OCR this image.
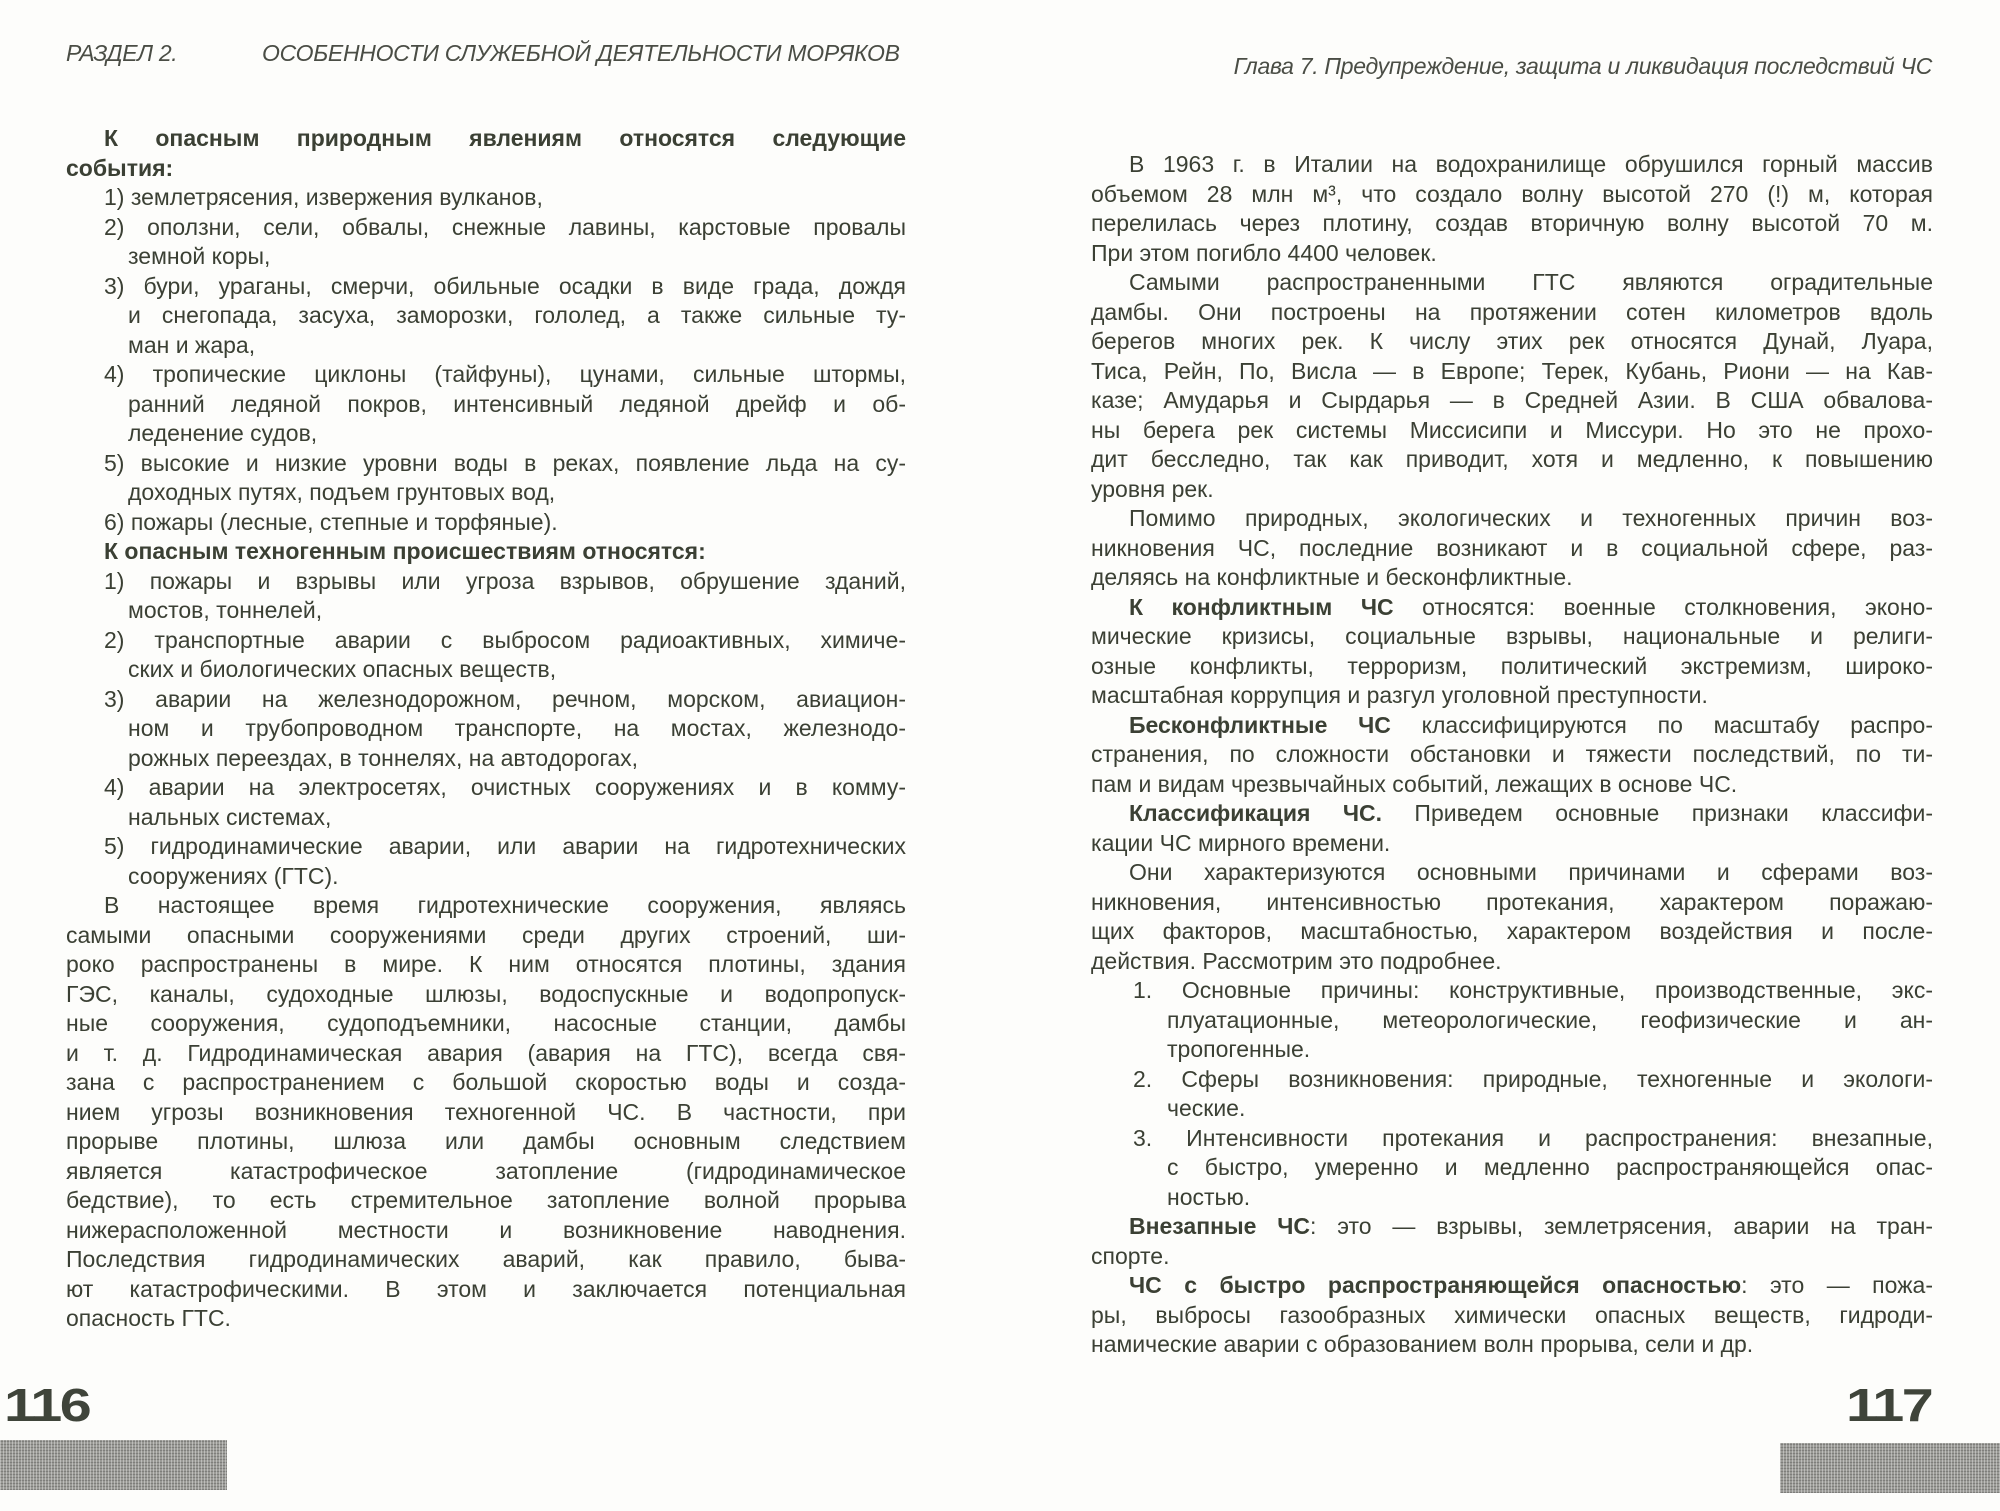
РАЗДЕЛ 2.	ОСОБЕННОСТИ СЛУЖЕБНОЙ ДЕЯТЕЛЬНОСТИ МОРЯКОВ	Глава 7. Предупреждение, защита и ликвидация последствий ЧС
К опасным природным явлениям относятся следующие
события:
1) землетрясения, извержения вулканов,
2) оползни, сели, обвалы, снежные лавины, карстовые провалы
земной коры,
3) бури, ураганы, смерчи, обильные осадки в виде града, дождя
и снегопада, засуха, заморозки, гололед, а также сильные ту-
ман и жара,
4) тропические циклоны (тайфуны), цунами, сильные штормы,
ранний ледяной покров, интенсивный ледяной дрейф и об-
леденение судов,
5) высокие и низкие уровни воды в реках, появление льда на су-
доходных путях, подъем грунтовых вод,
6) пожары (лесные, степные и торфяные).
К опасным техногенным происшествиям относятся:
1) пожары и взрывы или угроза взрывов, обрушение зданий,
мостов, тоннелей,
2) транспортные аварии с выбросом радиоактивных, химиче-
ских и биологических опасных веществ,
3) аварии на железнодорожном, речном, морском, авиацион-
ном и трубопроводном транспорте, на мостах, железнодо-
рожных переездах, в тоннелях, на автодорогах,
4) аварии на электросетях, очистных сооружениях и в комму-
нальных системах,
5) гидродинамические аварии, или аварии на гидротехнических
сооружениях (ГТС).
В настоящее время гидротехнические сооружения, являясь
самыми опасными сооружениями среди других строений, ши-
роко распространены в мире. К ним относятся плотины, здания
ГЭС, каналы, судоходные шлюзы, водоспускные и водопропуск-
ные сооружения, судоподъемники, насосные станции, дамбы
и т. д. Гидродинамическая авария (авария на ГТС), всегда свя-
зана с распространением с большой скоростью воды и созда-
нием угрозы возникновения техногенной ЧС. В частности, при
прорыве плотины, шлюза или дамбы основным следствием
является катастрофическое затопление (гидродинамическое
бедствие), то есть стремительное затопление волной прорыва
нижерасположенной местности и возникновение наводнения.
Последствия гидродинамических аварий, как правило, быва-
ют катастрофическими. В этом и заключается потенциальная
опасность ГТС.
В 1963 г. в Италии на водохранилище обрушился горный массив
объемом 28 млн м³, что создало волну высотой 270 (!) м, которая
перелилась через плотину, создав вторичную волну высотой 70 м.
При этом погибло 4400 человек.
Самыми распространенными ГТС являются оградительные
дамбы. Они построены на протяжении сотен километров вдоль
берегов многих рек. К числу этих рек относятся Дунай, Луара,
Тиса, Рейн, По, Висла — в Европе; Терек, Кубань, Риони — на Кав-
казе; Амударья и Сырдарья — в Средней Азии. В США обвалова-
ны берега рек системы Миссисипи и Миссури. Но это не прохо-
дит бесследно, так как приводит, хотя и медленно, к повышению
уровня рек.
Помимо природных, экологических и техногенных причин воз-
никновения ЧС, последние возникают и в социальной сфере, раз-
деляясь на конфликтные и бесконфликтные.
К конфликтным ЧС относятся: военные столкновения, эконо-
мические кризисы, социальные взрывы, национальные и религи-
озные конфликты, терроризм, политический экстремизм, широко-
масштабная коррупция и разгул уголовной преступности.
Бесконфликтные ЧС классифицируются по масштабу распро-
странения, по сложности обстановки и тяжести последствий, по ти-
пам и видам чрезвычайных событий, лежащих в основе ЧС.
Классификация ЧС. Приведем основные признаки классифи-
кации ЧС мирного времени.
Они характеризуются основными причинами и сферами воз-
никновения, интенсивностью протекания, характером поражаю-
щих факторов, масштабностью, характером воздействия и после-
действия. Рассмотрим это подробнее.
1. Основные причины: конструктивные, производственные, экс-
плуатационные, метеорологические, геофизические и ан-
тропогенные.
2. Сферы возникновения: природные, техногенные и экологи-
ческие.
3. Интенсивности протекания и распространения: внезапные,
с быстро, умеренно и медленно распространяющейся опас-
ностью.
Внезапные ЧС: это — взрывы, землетрясения, аварии на тран-
спорте.
ЧС с быстро распространяющейся опасностью: это — пожа-
ры, выбросы газообразных химически опасных веществ, гидроди-
намические аварии с образованием волн прорыва, сели и др.
116	117
